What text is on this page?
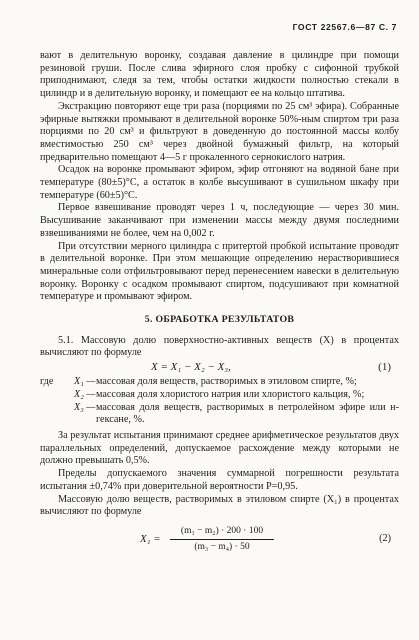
ГОСТ 22567.6—87 С. 7

вают в делительную воронку, создавая давление в цилиндре при помощи резиновой груши. После слива эфирного слоя пробку с сифонной трубкой приподнимают, следя за тем, чтобы остатки жидкости полностью стекали в цилиндр и в делительную воронку, и помещают ее на кольцо штатива.

Экстракцию повторяют еще три раза (порциями по 25 см³ эфира). Собранные эфирные вытяжки промывают в делительной воронке 50%-ным спиртом три раза порциями по 20 см³ и фильтруют в доведенную до постоянной массы колбу вместимостью 250 см³ через двойной бумажный фильтр, на который предварительно помещают 4—5 г прокаленного сернокислого натрия.

Осадок на воронке промывают эфиром, эфир отгоняют на водяной бане при температуре (80±5)°С, а остаток в колбе высушивают в сушильном шкафу при температуре (60±5)°С.

Первое взвешивание проводят через 1 ч, последующие — через 30 мин. Высушивание заканчивают при изменении массы между двумя последними взвешиваниями не более, чем на 0,002 г.

При отсутствии мерного цилиндра с притертой пробкой испытание проводят в делительной воронке. При этом мешающие определению нерастворившиеся минеральные соли отфильтровывают перед перенесением навески в делительную воронку. Воронку с осадком промывают спиртом, подсушивают при комнатной температуре и промывают эфиром.

5. ОБРАБОТКА РЕЗУЛЬТАТОВ

5.1. Массовую долю поверхностно-активных веществ (X) в процентах вычисляют по формуле

X = X₁ − X₂ − X₃,	(1)
где	X₁ — массовая доля веществ, растворимых в этиловом спирте, %;
X₂ — массовая доля хлористого натрия или хлористого кальция, %;
X₃ — массовая доля веществ, растворимых в петролейном эфире или н-гексане, %.

За результат испытания принимают среднее арифметическое результатов двух параллельных определений, допускаемое расхождение между которыми не должно превышать 0,5%.

Пределы допускаемого значения суммарной погрешности результата испытания ±0,74% при доверительной вероятности P=0,95.

Массовую долю веществ, растворимых в этиловом спирте (X₁) в процентах вычисляют по формуле

$X_1 = \frac{\text{(m₁ − m₂) · 200 · 100}}{\text{(m₃ − m₄) · 50}}$	(2)
